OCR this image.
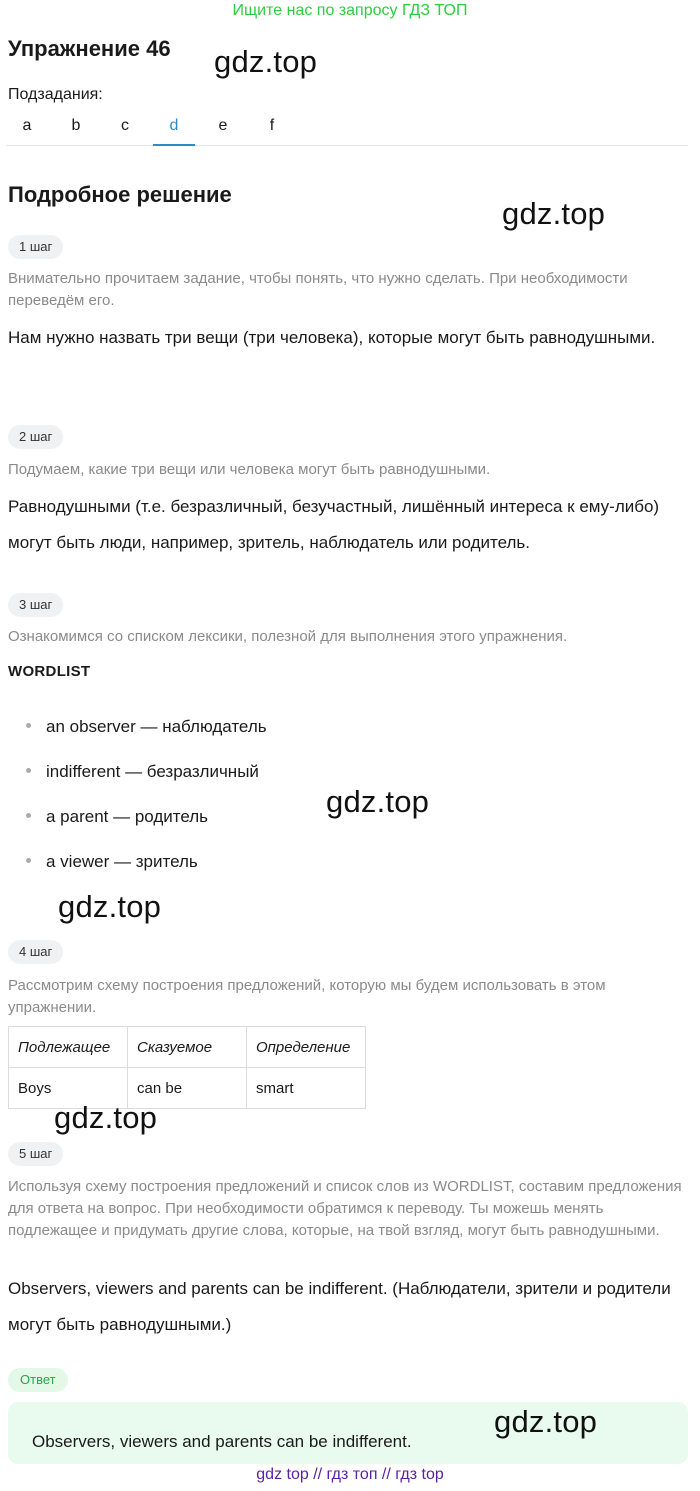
Ищите нас по запросу ГДЗ ТОП
Упражнение 46 gdz.top
Подзадания:
a	b	c	d	e	f
Подробное решение
gdz.top
1 шаг
Внимательно прочитаем задание, чтобы понять, что нужно сделать. При необходимости переведём его.
Нам нужно назвать три вещи (три человека), которые могут быть равнодушными.
2 шаг
Подумаем, какие три вещи или человека могут быть равнодушными.
Равнодушными (т.е. безразличный, безучастный, лишённый интереса к ему-либо) могут быть люди, например, зритель, наблюдатель или родитель.
3 шаг
Ознакомимся со списком лексики, полезной для выполнения этого упражнения.
WORDLIST
an observer — наблюдатель
indifferent — безразличный
a parent — родитель
a viewer — зритель
gdz.top
gdz.top
4 шаг
Рассмотрим схему построения предложений, которую мы будем использовать в этом упражнении.
Подлежащее	Сказуемое	Определение
Boys	can be	smart
gdz.top
5 шаг
Используя схему построения предложений и список слов из WORDLIST, составим предложения для ответа на вопрос. При необходимости обратимся к переводу. Ты можешь менять подлежащее и придумать другие слова, которые, на твой взгляд, могут быть равнодушными.
Observers, viewers and parents can be indifferent. (Наблюдатели, зрители и родители могут быть равнодушными.)
Ответ
Observers, viewers and parents can be indifferent.
gdz.top
gdz top // гдз топ // гдз top
